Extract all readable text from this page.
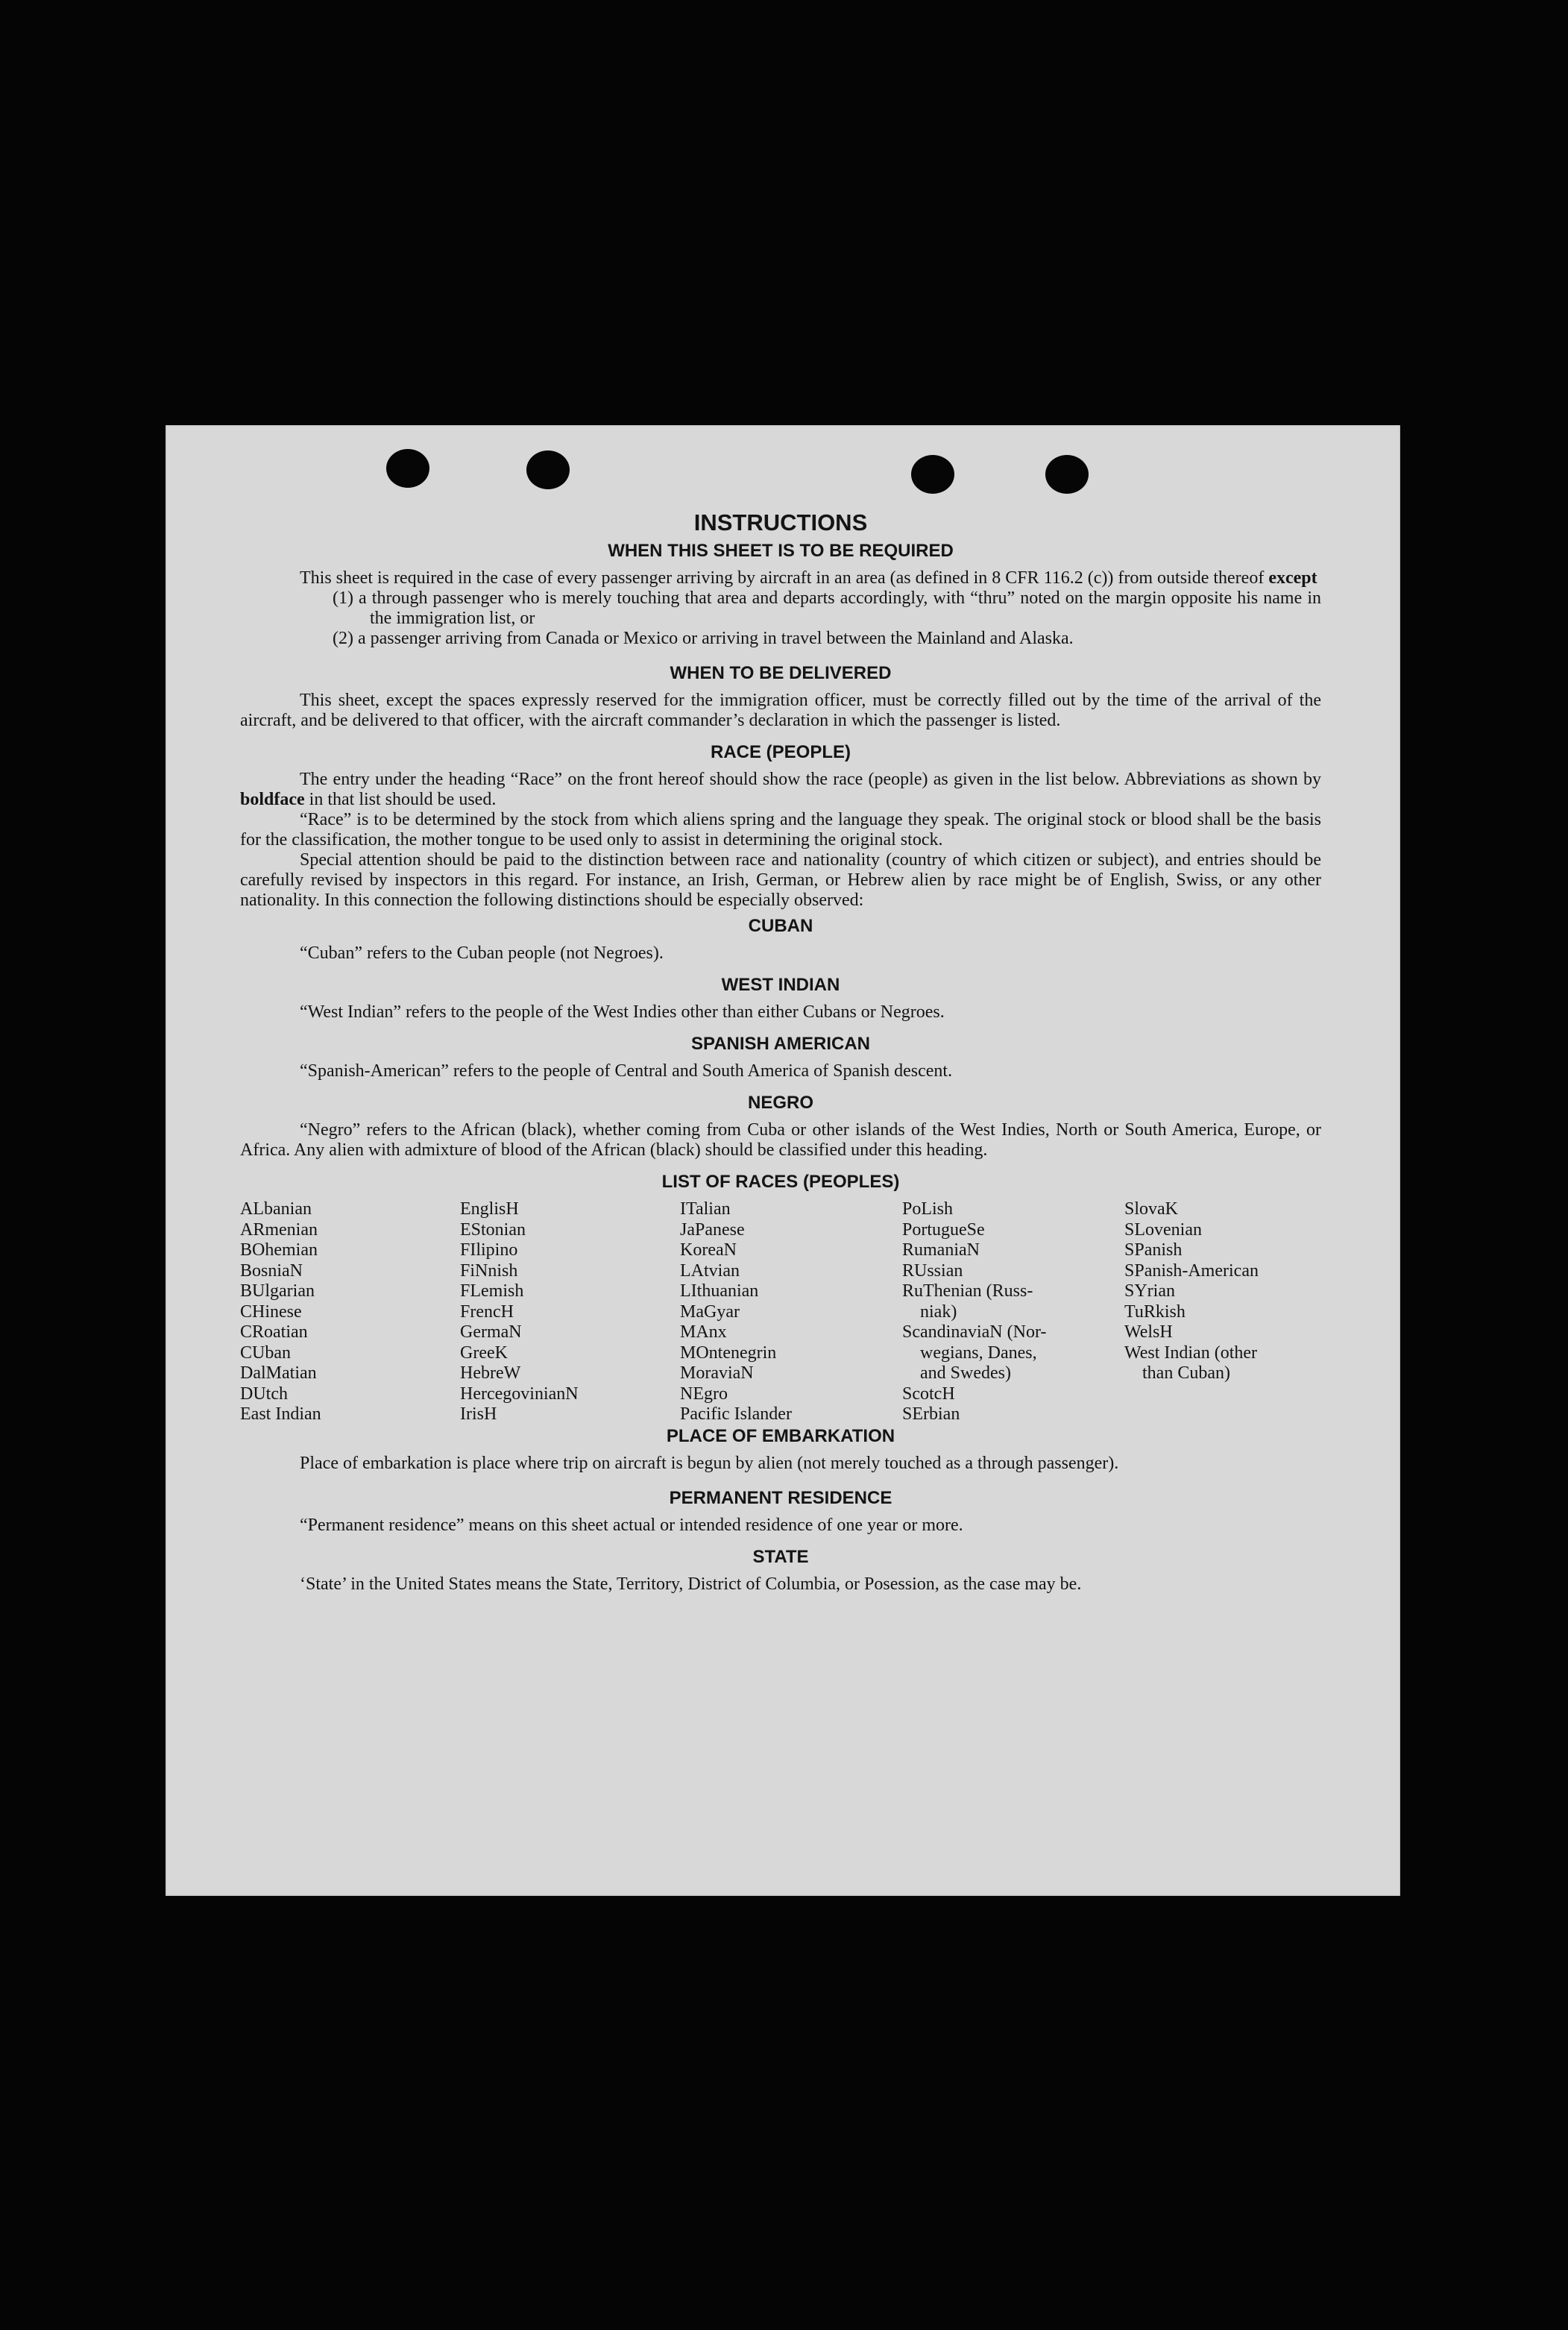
INSTRUCTIONS
WHEN THIS SHEET IS TO BE REQUIRED

This sheet is required in the case of every passenger arriving by aircraft in an area (as defined in 8 CFR 116.2 (c)) from outside thereof except

(1) a through passenger who is merely touching that area and departs accordingly, with “thru” noted on the margin opposite his name in the immigration list, or

(2) a passenger arriving from Canada or Mexico or arriving in travel between the Mainland and Alaska.

WHEN TO BE DELIVERED

This sheet, except the spaces expressly reserved for the immigration officer, must be correctly filled out by the time of the arrival of the aircraft, and be delivered to that officer, with the aircraft commander’s declaration in which the passenger is listed.

RACE (PEOPLE)

The entry under the heading “Race” on the front hereof should show the race (people) as given in the list below. Abbreviations as shown by boldface in that list should be used.

“Race” is to be determined by the stock from which aliens spring and the language they speak. The original stock or blood shall be the basis for the classification, the mother tongue to be used only to assist in determining the original stock.

Special attention should be paid to the distinction between race and nationality (country of which citizen or subject), and entries should be carefully revised by inspectors in this regard. For instance, an Irish, German, or Hebrew alien by race might be of English, Swiss, or any other nationality. In this connection the following distinctions should be especially observed:

CUBAN

“Cuban” refers to the Cuban people (not Negroes).

WEST INDIAN

“West Indian” refers to the people of the West Indies other than either Cubans or Negroes.

SPANISH AMERICAN

“Spanish-American” refers to the people of Central and South America of Spanish descent.

NEGRO

“Negro” refers to the African (black), whether coming from Cuba or other islands of the West Indies, North or South America, Europe, or Africa. Any alien with admixture of blood of the African (black) should be classified under this heading.

LIST OF RACES (PEOPLES)
ALbanian
ARmenian
BOhemian
BosniaN
BUlgarian
CHinese
CRoatian
CUban
DalMatian
DUtch
East Indian
EnglisH
EStonian
FIlipino
FiNnish
FLemish
FrencH
GermaN
GreeK
HebreW
HercegovinianN
IrisH
ITalian
JaPanese
KoreaN
LAtvian
LIthuanian
MaGyar
MAnx
MOntenegrin
MoraviaN
NEgro
Pacific Islander
PoLish
PortugueSe
RumaniaN
RUssian
RuThenian (Russ-
niak)
ScandinaviaN (Nor-
wegians, Danes,
and Swedes)
ScotcH
SErbian
SlovaK
SLovenian
SPanish
SPanish-American
SYrian
TuRkish
WelsH
West Indian (other
than Cuban)
PLACE OF EMBARKATION

Place of embarkation is place where trip on aircraft is begun by alien (not merely touched as a through passenger).

PERMANENT RESIDENCE

“Permanent residence” means on this sheet actual or intended residence of one year or more.

STATE

‘State’ in the United States means the State, Territory, District of Columbia, or Posession, as the case may be.
